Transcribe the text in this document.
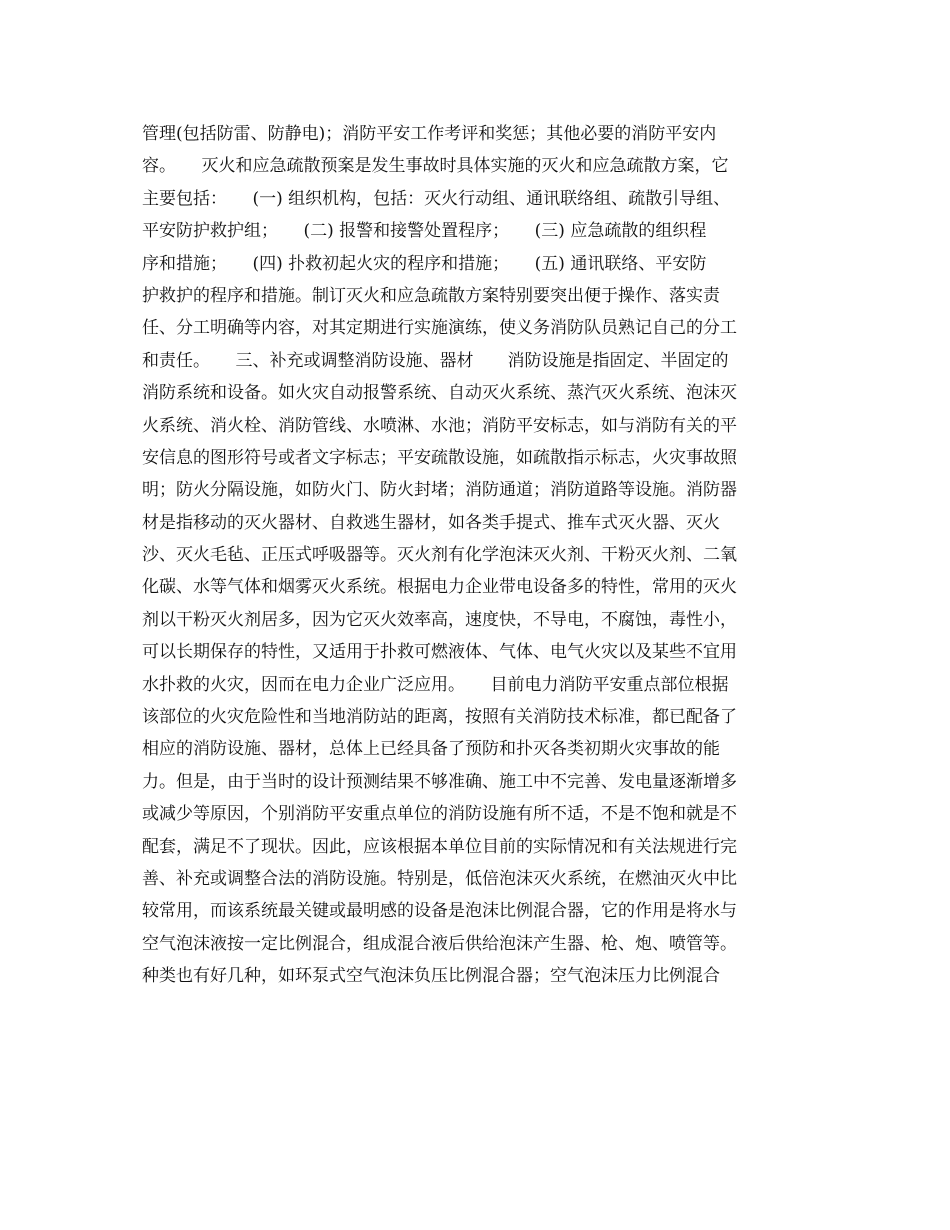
管理(包括防雷、防静电)；消防平安工作考评和奖惩；其他必要的消防平安内
容。　　灭火和应急疏散预案是发生事故时具体实施的灭火和应急疏散方案，它
主要包括：　　(一) 组织机构，包括：灭火行动组、通讯联络组、疏散引导组、
平安防护救护组；　　(二) 报警和接警处置程序；　　(三) 应急疏散的组织程
序和措施；　　(四) 扑救初起火灾的程序和措施；　　(五) 通讯联络、平安防
护救护的程序和措施。制订灭火和应急疏散方案特别要突出便于操作、落实责
任、分工明确等内容，对其定期进行实施演练，使义务消防队员熟记自己的分工
和责任。　　三、补充或调整消防设施、器材　　消防设施是指固定、半固定的
消防系统和设备。如火灾自动报警系统、自动灭火系统、蒸汽灭火系统、泡沫灭
火系统、消火栓、消防管线、水喷淋、水池；消防平安标志，如与消防有关的平
安信息的图形符号或者文字标志；平安疏散设施，如疏散指示标志，火灾事故照
明；防火分隔设施，如防火门、防火封堵；消防通道；消防道路等设施。消防器
材是指移动的灭火器材、自救逃生器材，如各类手提式、推车式灭火器、灭火
沙、灭火毛毡、正压式呼吸器等。灭火剂有化学泡沫灭火剂、干粉灭火剂、二氧
化碳、水等气体和烟雾灭火系统。根据电力企业带电设备多的特性，常用的灭火
剂以干粉灭火剂居多，因为它灭火效率高，速度快，不导电，不腐蚀，毒性小，
可以长期保存的特性，又适用于扑救可燃液体、气体、电气火灾以及某些不宜用
水扑救的火灾，因而在电力企业广泛应用。　　目前电力消防平安重点部位根据
该部位的火灾危险性和当地消防站的距离，按照有关消防技术标准，都已配备了
相应的消防设施、器材，总体上已经具备了预防和扑灭各类初期火灾事故的能
力。但是，由于当时的设计预测结果不够准确、施工中不完善、发电量逐渐增多
或减少等原因，个别消防平安重点单位的消防设施有所不适，不是不饱和就是不
配套，满足不了现状。因此，应该根据本单位目前的实际情况和有关法规进行完
善、补充或调整合法的消防设施。特别是，低倍泡沫灭火系统，在燃油灭火中比
较常用，而该系统最关键或最明感的设备是泡沫比例混合器，它的作用是将水与
空气泡沫液按一定比例混合，组成混合液后供给泡沫产生器、枪、炮、喷管等。
种类也有好几种，如环泵式空气泡沫负压比例混合器；空气泡沫压力比例混合
